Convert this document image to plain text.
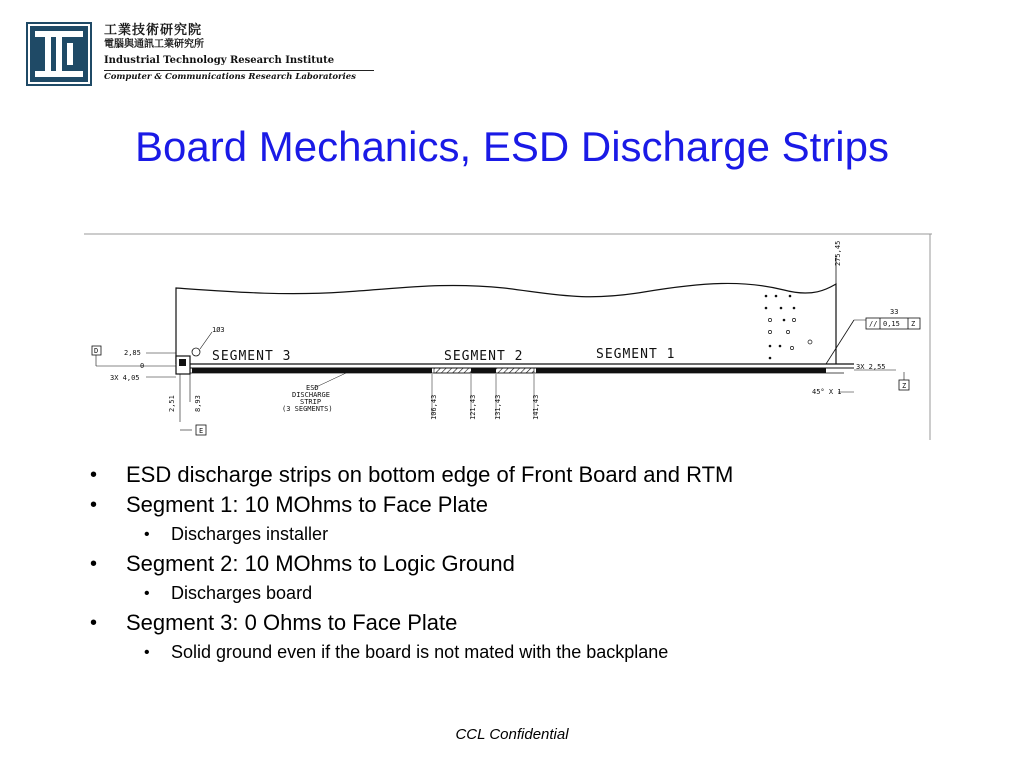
工業技術研究院
電腦與通訊工業研究所
Industrial Technology Research Institute
Computer & Communications Research Laboratories
Board Mechanics, ESD Discharge Strips
1Ø3
SEGMENT 3	SEGMENT 2	SEGMENT 1
D	2,85
0
3X 4,05
2,51	8,93
E
106,43	121,43 131,43	141,43
ESD
DISCHARGE
STRIP
(3 SEGMENTS)
275,45
33
// 0,15 Z
3X 2,55
Z
45° X 1
• ESD discharge strips on bottom edge of Front Board and RTM
• Segment 1: 10 MOhms to Face Plate
• Discharges installer
• Segment 2: 10 MOhms to Logic Ground
• Discharges board
• Segment 3: 0 Ohms to Face Plate
• Solid ground even if the board is not mated with the backplane
CCL Confidential
